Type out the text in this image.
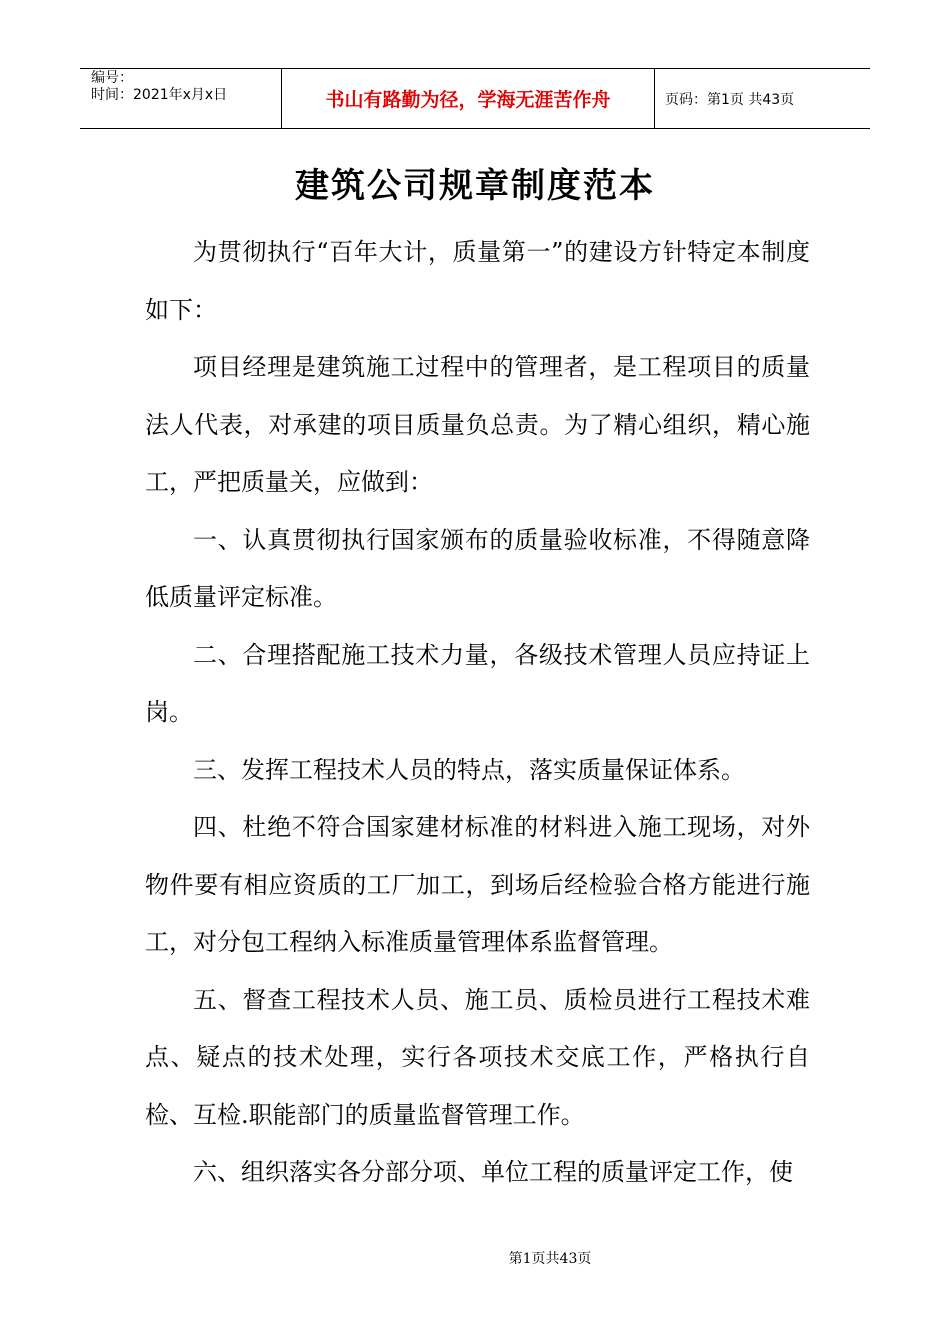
编号：
时间：2021年x月x日	书山有路勤为径，学海无涯苦作舟	页码：第1页 共43页
建筑公司规章制度范本

为贯彻执行“百年大计，质量第一”的建设方针特定本制度如下：

项目经理是建筑施工过程中的管理者，是工程项目的质量法人代表，对承建的项目质量负总责。为了精心组织，精心施工，严把质量关，应做到：

一、认真贯彻执行国家颁布的质量验收标准，不得随意降低质量评定标准。

二、合理搭配施工技术力量，各级技术管理人员应持证上岗。

三、发挥工程技术人员的特点，落实质量保证体系。

四、杜绝不符合国家建材标准的材料进入施工现场，对外物件要有相应资质的工厂加工，到场后经检验合格方能进行施工，对分包工程纳入标准质量管理体系监督管理。

五、督查工程技术人员、施工员、质检员进行工程技术难点、疑点的技术处理，实行各项技术交底工作，严格执行自检、互检.职能部门的质量监督管理工作。

六、组织落实各分部分项、单位工程的质量评定工作，使

第1页共43页
